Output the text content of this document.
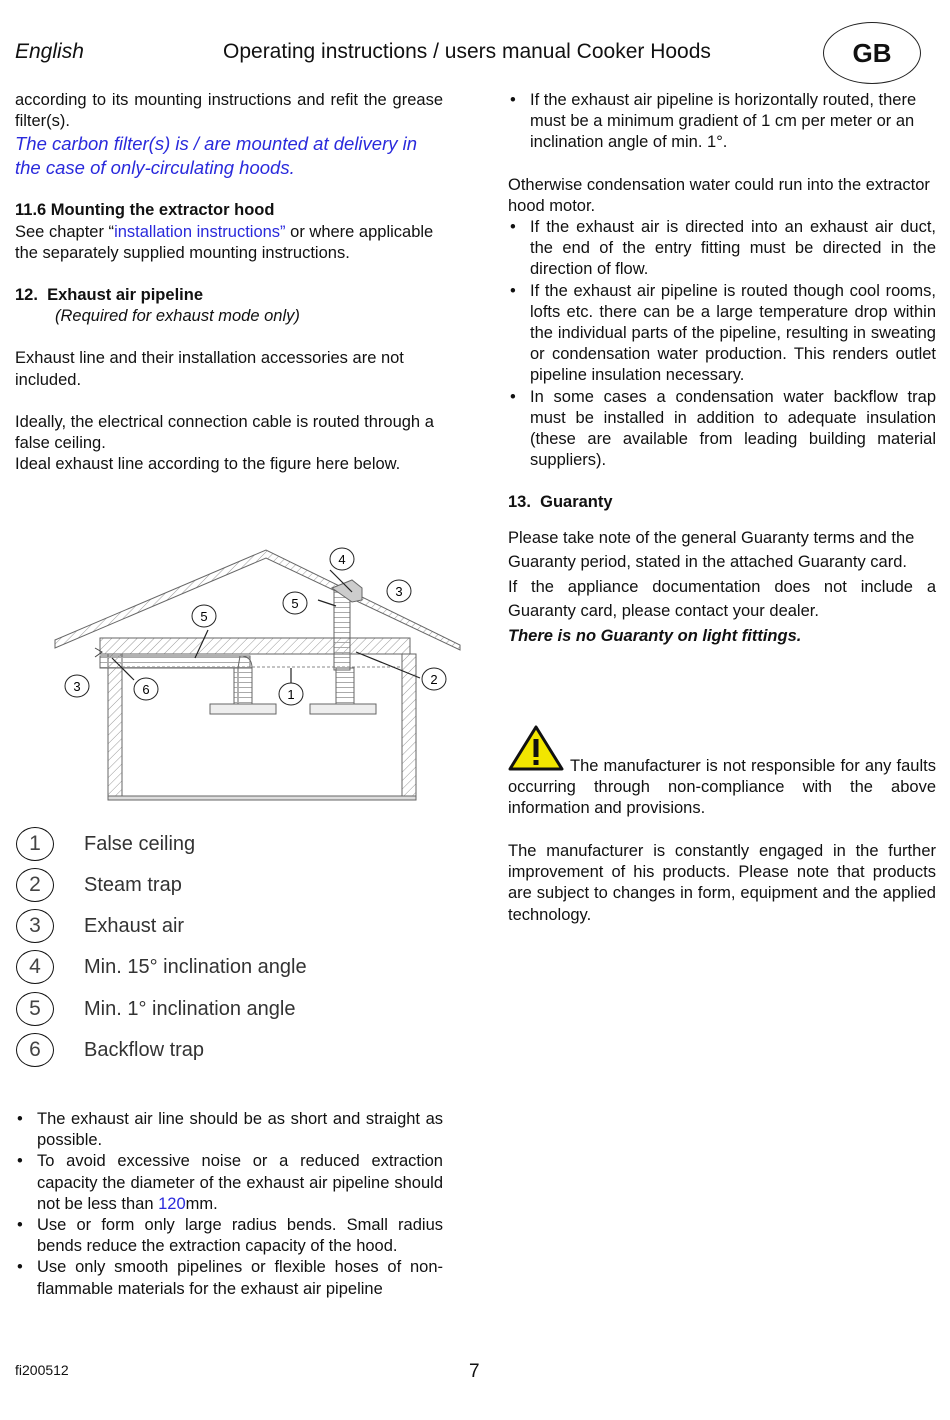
English	Operating instructions / users manual Cooker Hoods	GB

according to its mounting instructions and refit the grease filter(s).

The carbon filter(s) is / are mounted at delivery in the case of only-circulating hoods.

11.6 Mounting the extractor hood

See chapter “installation instructions” or where applicable the separately supplied mounting instructions.

12. Exhaust air pipeline

(Required for exhaust mode only)

Exhaust line and their installation accessories are not included.

Ideally, the electrical connection cable is routed through a false ceiling.

Ideal exhaust line according to the figure here below.

4
3
5
5
2
1
3	6
1	False ceiling
2	Steam trap
3	Exhaust air
4	Min. 15° inclination angle
5	Min. 1° inclination angle
6	Backflow trap
• The exhaust air line should be as short and straight as possible.
• To avoid excessive noise or a reduced extraction capacity the diameter of the exhaust air pipeline should not be less than 120mm.
• Use or form only large radius bends. Small radius bends reduce the extraction capacity of the hood.
• Use only smooth pipelines or flexible hoses of non-flammable materials for the exhaust air pipeline
• If the exhaust air pipeline is horizontally routed, there must be a minimum gradient of 1 cm per meter or an inclination angle of min. 1°.

Otherwise condensation water could run into the extractor hood motor.

• If the exhaust air is directed into an exhaust air duct, the end of the entry fitting must be directed in the direction of flow.
• If the exhaust air pipeline is routed though cool rooms, lofts etc. there can be a large temperature drop within the individual parts of the pipeline, resulting in sweating or condensation water production. This renders outlet pipeline insulation necessary.
• In some cases a condensation water backflow trap must be installed in addition to adequate insulation (these are available from leading building material suppliers).

13. Guaranty

Please take note of the general Guaranty terms and the Guaranty period, stated in the attached Guaranty card.

If the appliance documentation does not include a Guaranty card, please contact your dealer.

There is no Guaranty on light fittings.

The manufacturer is not responsible for any faults occurring through non-compliance with the above information and provisions.
The manufacturer is constantly engaged in the further improvement of his products. Please note that products are subject to changes in form, equipment and the applied technology.
fi200512	7
